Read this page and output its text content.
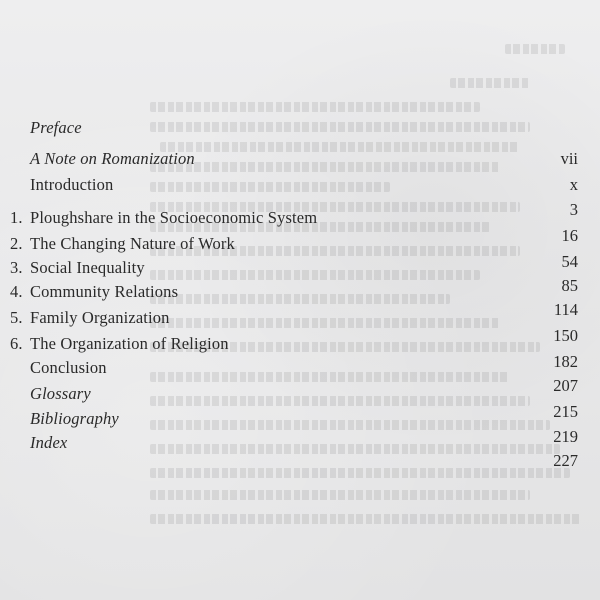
Preface
A Note on Romanization	vii
Introduction	x
3
1. Ploughshare in the Socioeconomic System
16
2. The Changing Nature of Work
54
3. Social Inequality
85
4. Community Relations
114
5. Family Organization
150
6. The Organization of Religion
182
Conclusion
207
Glossary
215
Bibliography
219
Index
227
